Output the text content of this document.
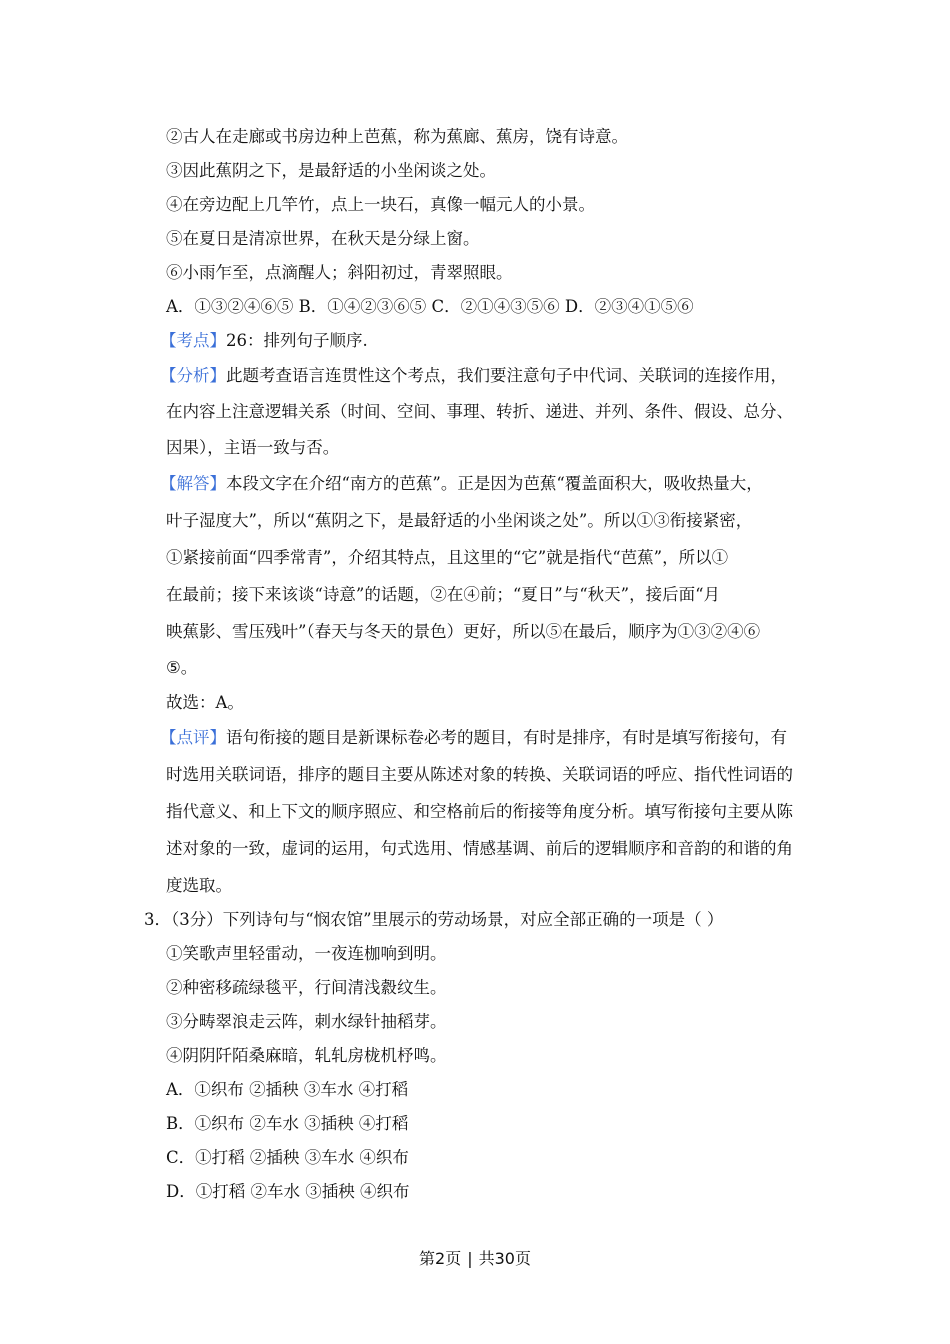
②古人在走廊或书房边种上芭蕉，称为蕉廊、蕉房，饶有诗意。
③因此蕉阴之下，是最舒适的小坐闲谈之处。
④在旁边配上几竿竹，点上一块石，真像一幅元人的小景。
⑤在夏日是清凉世界，在秋天是分绿上窗。
⑥小雨乍至，点滴醒人；斜阳初过，青翠照眼。
A．①③②④⑥⑤ B．①④②③⑥⑤ C．②①④③⑤⑥ D．②③④①⑤⑥
【考点】26：排列句子顺序.
【分析】此题考查语言连贯性这个考点，我们要注意句子中代词、关联词的连接作用，
在内容上注意逻辑关系（时间、空间、事理、转折、递进、并列、条件、假设、总分、
因果），主语一致与否。
【解答】本段文字在介绍“南方的芭蕉”。正是因为芭蕉“覆盖面积大，吸收热量大，
叶子湿度大”，所以“蕉阴之下，是最舒适的小坐闲谈之处”。所以①③衔接紧密，
①紧接前面“四季常青”，介绍其特点，且这里的“它”就是指代“芭蕉”，所以①
在最前；接下来该谈“诗意”的话题，②在④前；“夏日”与“秋天”，接后面“月
映蕉影、雪压残叶”（春天与冬天的景色）更好，所以⑤在最后，顺序为①③②④⑥
⑤。
故选：A。
【点评】语句衔接的题目是新课标卷必考的题目，有时是排序，有时是填写衔接句，有
时选用关联词语，排序的题目主要从陈述对象的转换、关联词语的呼应、指代性词语的
指代意义、和上下文的顺序照应、和空格前后的衔接等角度分析。填写衔接句主要从陈
述对象的一致，虚词的运用，句式选用、情感基调、前后的逻辑顺序和音韵的和谐的角
度选取。
3．（3分）下列诗句与“悯农馆”里展示的劳动场景，对应全部正确的一项是（ ）
①笑歌声里轻雷动，一夜连枷响到明。
②种密移疏绿毯平，行间清浅縠纹生。
③分畴翠浪走云阵，刺水绿针抽稻芽。
④阴阴阡陌桑麻暗，轧轧房栊机杼鸣。
A．①织布 ②插秧 ③车水 ④打稻
B．①织布 ②车水 ③插秧 ④打稻
C．①打稻 ②插秧 ③车水 ④织布
D．①打稻 ②车水 ③插秧 ④织布
第2页 | 共30页
